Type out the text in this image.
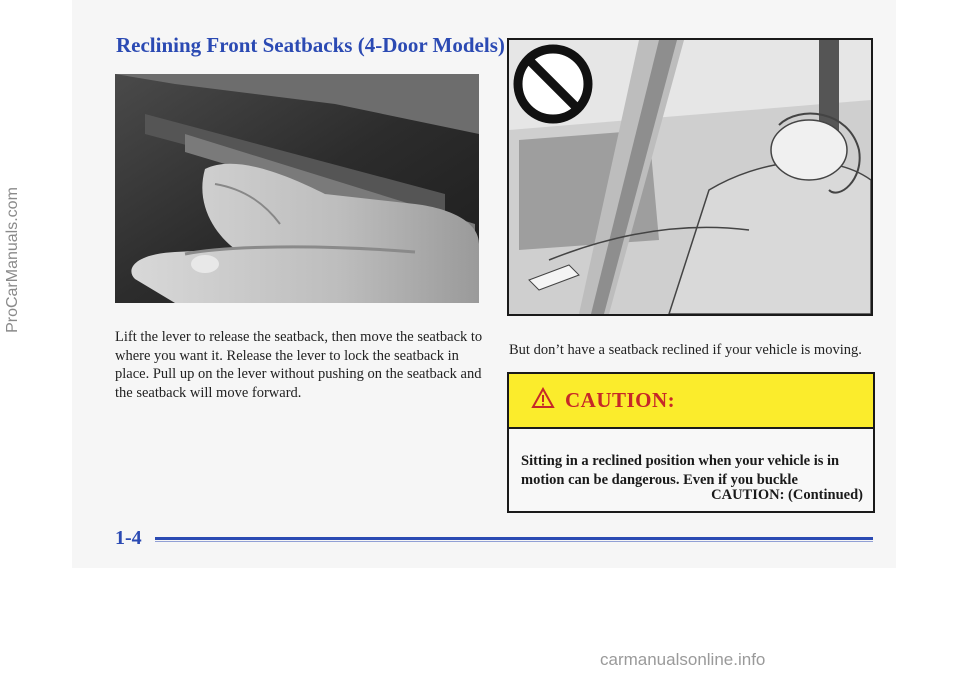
ProCarManuals.com
Reclining Front Seatbacks (4-Door Models)
Lift the lever to release the seatback, then move the seatback to where you want it. Release the lever to lock the seatback in place. Pull up on the lever without pushing on the seatback and the seatback will move forward.
But don’t have a seatback reclined if your vehicle is moving.
CAUTION:
Sitting in a reclined position when your vehicle is in motion can be dangerous. Even if you buckle
CAUTION: (Continued)
1-4
carmanualsonline.info
